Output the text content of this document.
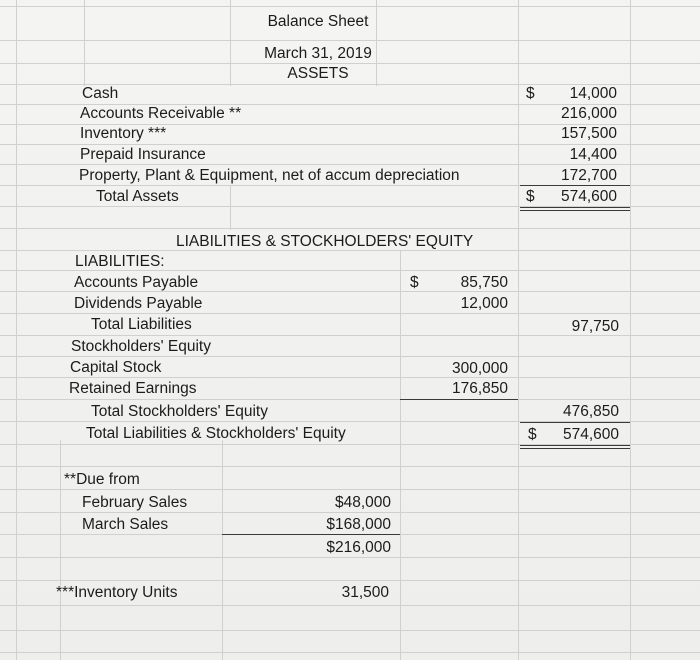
Balance Sheet
March 31, 2019
ASSETS
Cash	$	14,000
Accounts Receivable **	216,000
Inventory ***	157,500
Prepaid Insurance	14,400
Property, Plant & Equipment, net of accum depreciation	172,700
Total Assets	$	574,600
LIABILITIES & STOCKHOLDERS' EQUITY
LIABILITIES:
Accounts Payable	$	85,750
Dividends Payable	12,000
Total Liabilities	97,750
Stockholders' Equity
Capital Stock	300,000
Retained Earnings	176,850
Total Stockholders' Equity	476,850
Total Liabilities & Stockholders' Equity	$	574,600
**Due from
February Sales	$48,000
March Sales	$168,000
$216,000
***Inventory Units	31,500
